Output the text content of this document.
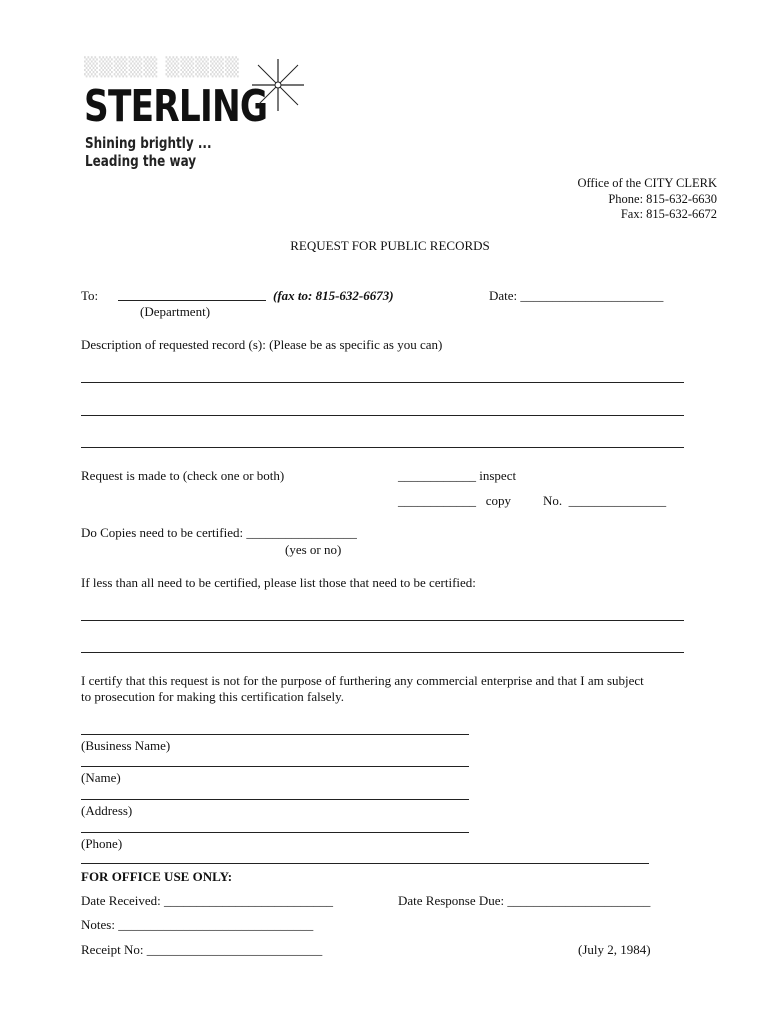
▒▒▒▒▒ ▒▒▒▒▒
STERLING
Shining brightly ... Leading the way
Office of the CITY CLERK
Phone: 815-632-6630
Fax: 815-632-6672
REQUEST FOR PUBLIC RECORDS
To:	(fax to: 815-632-6673)	Date: ______________________
(Department)
Description of requested record (s): (Please be as specific as you can)
Request is made to (check one or both)	____________ inspect
____________   copy No.  _______________
Do Copies need to be certified: _________________
(yes or no)
If less than all need to be certified, please list those that need to be certified:
I certify that this request is not for the purpose of furthering any commercial enterprise and that I am subject
to prosecution for making this certification falsely.
(Business Name)
(Name)
(Address)
(Phone)
FOR OFFICE USE ONLY:
Date Received: __________________________	Date Response Due: ______________________
Notes: ______________________________
Receipt No: ___________________________	(July 2, 1984)
